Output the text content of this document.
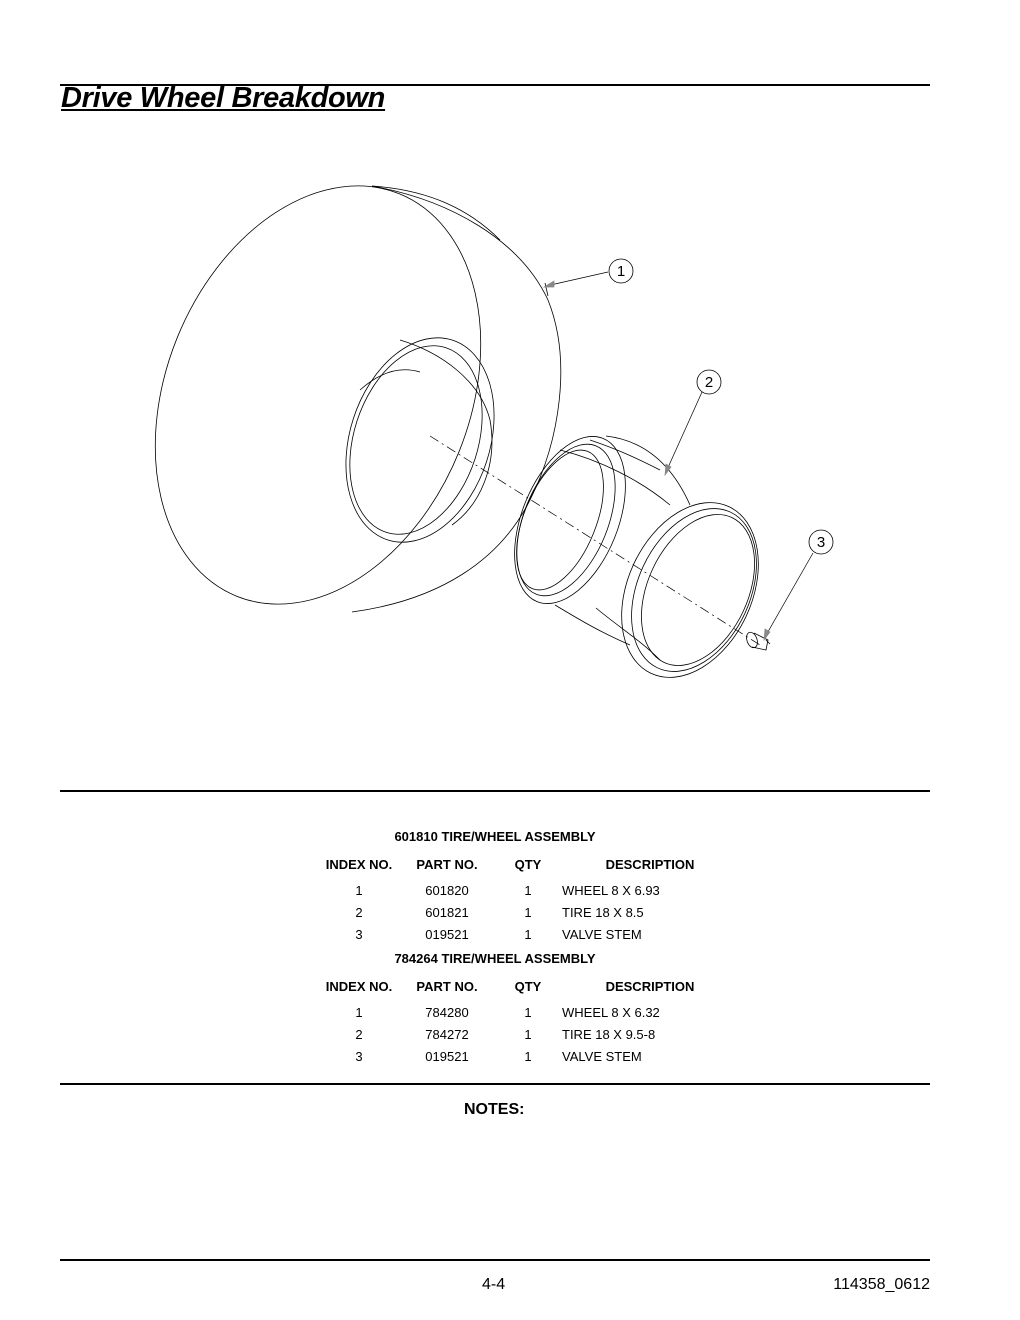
Drive Wheel Breakdown
1
2
3
601810 TIRE/WHEEL ASSEMBLY
INDEX NO.	PART NO.	QTY	DESCRIPTION
1	601820	1	WHEEL 8 X 6.93
2	601821	1	TIRE 18 X 8.5
3	019521	1	VALVE STEM
784264 TIRE/WHEEL ASSEMBLY
INDEX NO.	PART NO.	QTY	DESCRIPTION
1	784280	1	WHEEL 8 X 6.32
2	784272	1	TIRE 18 X 9.5-8
3	019521	1	VALVE STEM
NOTES:
4-4	114358_0612
